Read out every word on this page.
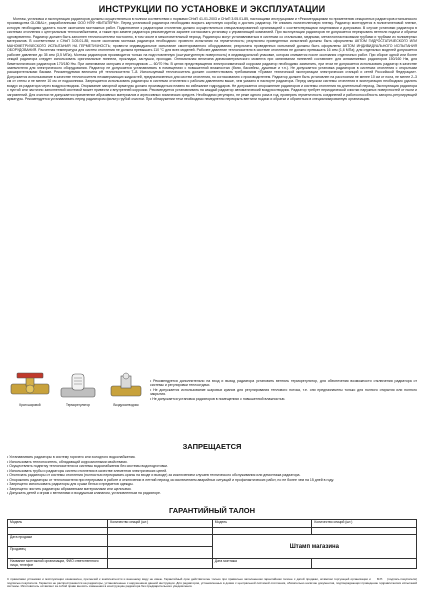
ИНСТРУКЦИИ ПО УСТАНОВКЕ И ЭКСПЛУАТАЦИИ

Монтаж, установка и эксплуатация радиаторов должны осуществляться в полном соответствии с нормами СНиП 41-01-2003 и СНиП 3.05.01-85, настоящими инструкциями и «Рекомендациями по применению секционных радиаторов итальянского производства GLOBAL», разработанными ООО НПФ «ВИТАТЕРМ». Перед установкой радиатора необходимо вскрыть картонную коробку и достать радиатор. Не снимать полиэтиленовую пленку. Радиатор монтируется в полиэтиленовой пленке, которую необходимо удалить после окончания монтажных работ. Подключение к радиаторам отопления должно осуществляться специализированной организацией с соответствующими лицензиями и допусками. В случае установки радиатора в системах отопления с центральным теплоснабжением, а также при замене радиатора рекомендуется заранее согласовать установку с управляющей компанией. При эксплуатации радиаторов не допускается перекрывать вентили подачи и обратки одновременно. Радиатор должен быть заполнен теплоносителем постоянно, в том числе в межотопительный период. Радиаторы могут устанавливаться в системах со стальными, медными, металлопластиковыми трубами и трубами из полимерных материалов. В соответствии с СНиП 3.05.01-85, после окончания монтажа радиатора необходимо: провести испытания на герметичность; результаты проведенных испытаний должны быть оформлены АКТОМ ГИДРОСТАТИЧЕСКОГО ИЛИ МАНОМЕТРИЧЕСКОГО ИСПЫТАНИЯ НА ГЕРМЕТИЧНОСТЬ; провести индивидуальное испытание смонтированного оборудования; результаты проведенных испытаний должны быть оформлены АКТОМ ИНДИВИДУАЛЬНОГО ИСПЫТАНИЯ ОБОРУДОВАНИЯ. Расчетная температура для систем отопления не должна превышать 110 °С для всех моделей. Рабочее давление теплоносителя в системе отопления не должно превышать 16 атм (1,6 МПа); для отдельных моделей допускается рабочее давление до 35 атм (3,5 МПа). Монтаж радиаторов производится только на подготовленную (оштукатуренную поверхность) в индивидуальной упаковке, которая снимается после окончания отделочных работ. При сборке одной или более секций радиатора следует использовать оригинальные ниппели, прокладки, заглушки, проходки. Оптимальная величина динамометрического момента при затягивании ниппелей составляет: для алюминиевых радиаторов 150/160 Нм, для биметаллических радиаторов 170/180 Нм. При затягивании заглушек и переходников — 60/70 Нм. В целях предотвращения электрохимической коррозии радиатор необходимо заземлить, при этом не допускается использовать радиатор в качестве заземлителя для электрического оборудования. Радиатор не допускается устанавливать в помещениях с повышенной влажностью (бани, бассейны, душевые и т.п.). Не допускается установка радиаторов в системах отопления с открытыми расширительными баками. Рекомендуемая величина pH теплоносителя 7–8. Используемый теплоноситель должен соответствовать требованиям «Правил технической эксплуатации электрических станций и сетей Российской Федерации». Допускается использование в качестве теплоносителя незамерзающих жидкостей, предназначенных для систем отопления, по согласованию с производителем. Радиатор должен быть установлен на расстоянии не менее 10 см от пола, не менее 2–3 см от стены и не менее 10 см от подоконника. Запрещается использовать радиаторы в системах отопления с рабочим давлением выше, чем указано в паспорте радиатора. Перед запуском системы отопления в эксплуатацию необходимо удалить воздух из радиатора через воздухоотводчик. Открывание запорной арматуры должно производиться плавно во избежание гидроударов. Не допускается опорожнение радиаторов и системы отопления на длительный период. Эксплуатация радиатора с пустой или частично заполненной системой может привести к внутренней коррозии. Рекомендуется устанавливать на каждый радиатор автоматический воздухоотводчик. Радиатор требует периодической очистки наружных поверхностей от пыли и загрязнений. Для очистки не допускается применение абразивных материалов и агрессивных химических средств. Необходимо регулярно, не реже одного раза в год, проверять герметичность соединений и работоспособность запорно-регулирующей арматуры. Рекомендуется устанавливать перед радиатором фильтр грубой очистки. При обнаружении течи необходимо немедленно перекрыть вентили подачи и обратки и обратиться в специализированную организацию.

Кран шаровой	Терморегулятор	Воздухоотводчик

• Рекомендуется дополнительно на вход и выход радиатора установить вентиль терморегулятор, для обеспечения возможности отключения радиатора от системы и регулировки теплоотдачи.

• Не допускается использование шаровых кранов для регулирования теплового потока, т.е. они предназначены только для полного открытия или полного закрытия.

• Не допускается установка радиаторов в помещениях с повышенной влажностью.

ЗАПРЕЩАЕТСЯ

• Устанавливать радиаторы в систему горячего или холодного водоснабжения.

• Использовать теплоноситель, обладающий коррозионными свойствами.

• Осуществлять подпитку теплоносителя из системы водоснабжения без системы водоподготовки.

• Использовать трубы и радиаторы систем отопления в качестве элементов электрических цепей.

• Отключать радиаторы от системы отопления (полностью перекрывать краны на входе и выходе) за исключением случаев технического обслуживания или демонтажа радиатора.

• Опорожнять радиаторы от теплоносителя при перерывах в работе и отключении в летний период за исключением аварийных ситуаций и профилактических работ, но не более чем на 15 дней в году.

• Запрещено использовать радиаторы для сушки белья и предметов одежды.

• Запрещено чистить радиаторы абразивными материалами или щелочами.

• Допускать детей к играм с вентилями и воздушным клапаном, установленным на радиаторе.

ГАРАНТИЙНЫЙ ТАЛОН
Модель	Количество секций (шт.)	Модель	Количество секций (шт.)

Дата продажи		Штамп магазина	
Продавец			
Название монтажной организации, ФИО ответственного лица, телефон		Дата монтажа	
(подпись покупателя)
М.П.
С правилами установки и эксплуатации ознакомлен, претензий к комплектности и внешнему виду не имею. Гарантийный срок действителен только при правильно заполненном гарантийном талоне с датой продажи, штампом торгующей организации и подписью покупателя. Гарантия не распространяется на радиаторы, установленные с нарушением данной инструкции. Для радиаторов, установленных в домах с центральной системой отопления, обязательно наличие документов, подтверждающих проведение гидравлических испытаний системы. Изготовитель оставляет за собой право вносить изменения в конструкцию радиатора без предварительного уведомления.
